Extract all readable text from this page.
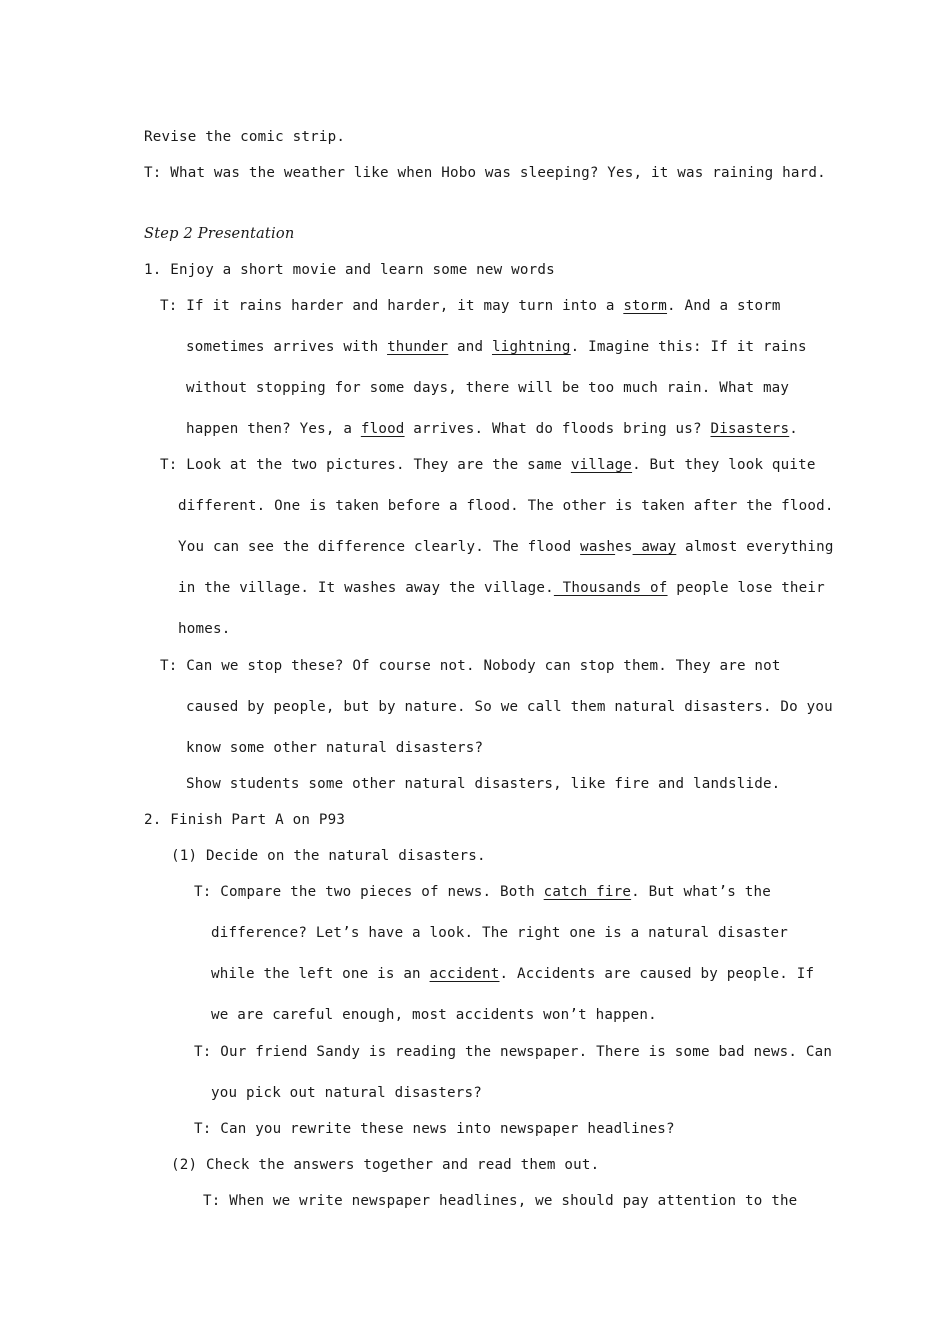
Revise the comic strip.
T: What was the weather like when Hobo was sleeping? Yes, it was raining hard.
Step 2 Presentation
1. Enjoy a short movie and learn some new words
T: If it rains harder and harder, it may turn into a storm. And a storm
sometimes arrives with thunder and lightning. Imagine this: If it rains
without stopping for some days, there will be too much rain. What may
happen then? Yes, a flood arrives. What do floods bring us? Disasters.
T: Look at the two pictures. They are the same village. But they look quite
different. One is taken before a flood. The other is taken after the flood.
You can see the difference clearly. The flood washes away almost everything
in the village. It washes away the village. Thousands of people lose their
homes.
T: Can we stop these? Of course not. Nobody can stop them. They are not
caused by people, but by nature. So we call them natural disasters. Do you
know some other natural disasters?
Show students some other natural disasters, like fire and landslide.
2. Finish Part A on P93
(1) Decide on the natural disasters.
T: Compare the two pieces of news. Both catch fire. But what’s the
difference? Let’s have a look. The right one is a natural disaster
while the left one is an accident. Accidents are caused by people. If
we are careful enough, most accidents won’t happen.
T: Our friend Sandy is reading the newspaper. There is some bad news. Can
you pick out natural disasters?
T: Can you rewrite these news into newspaper headlines?
(2) Check the answers together and read them out.
T: When we write newspaper headlines, we should pay attention to the
